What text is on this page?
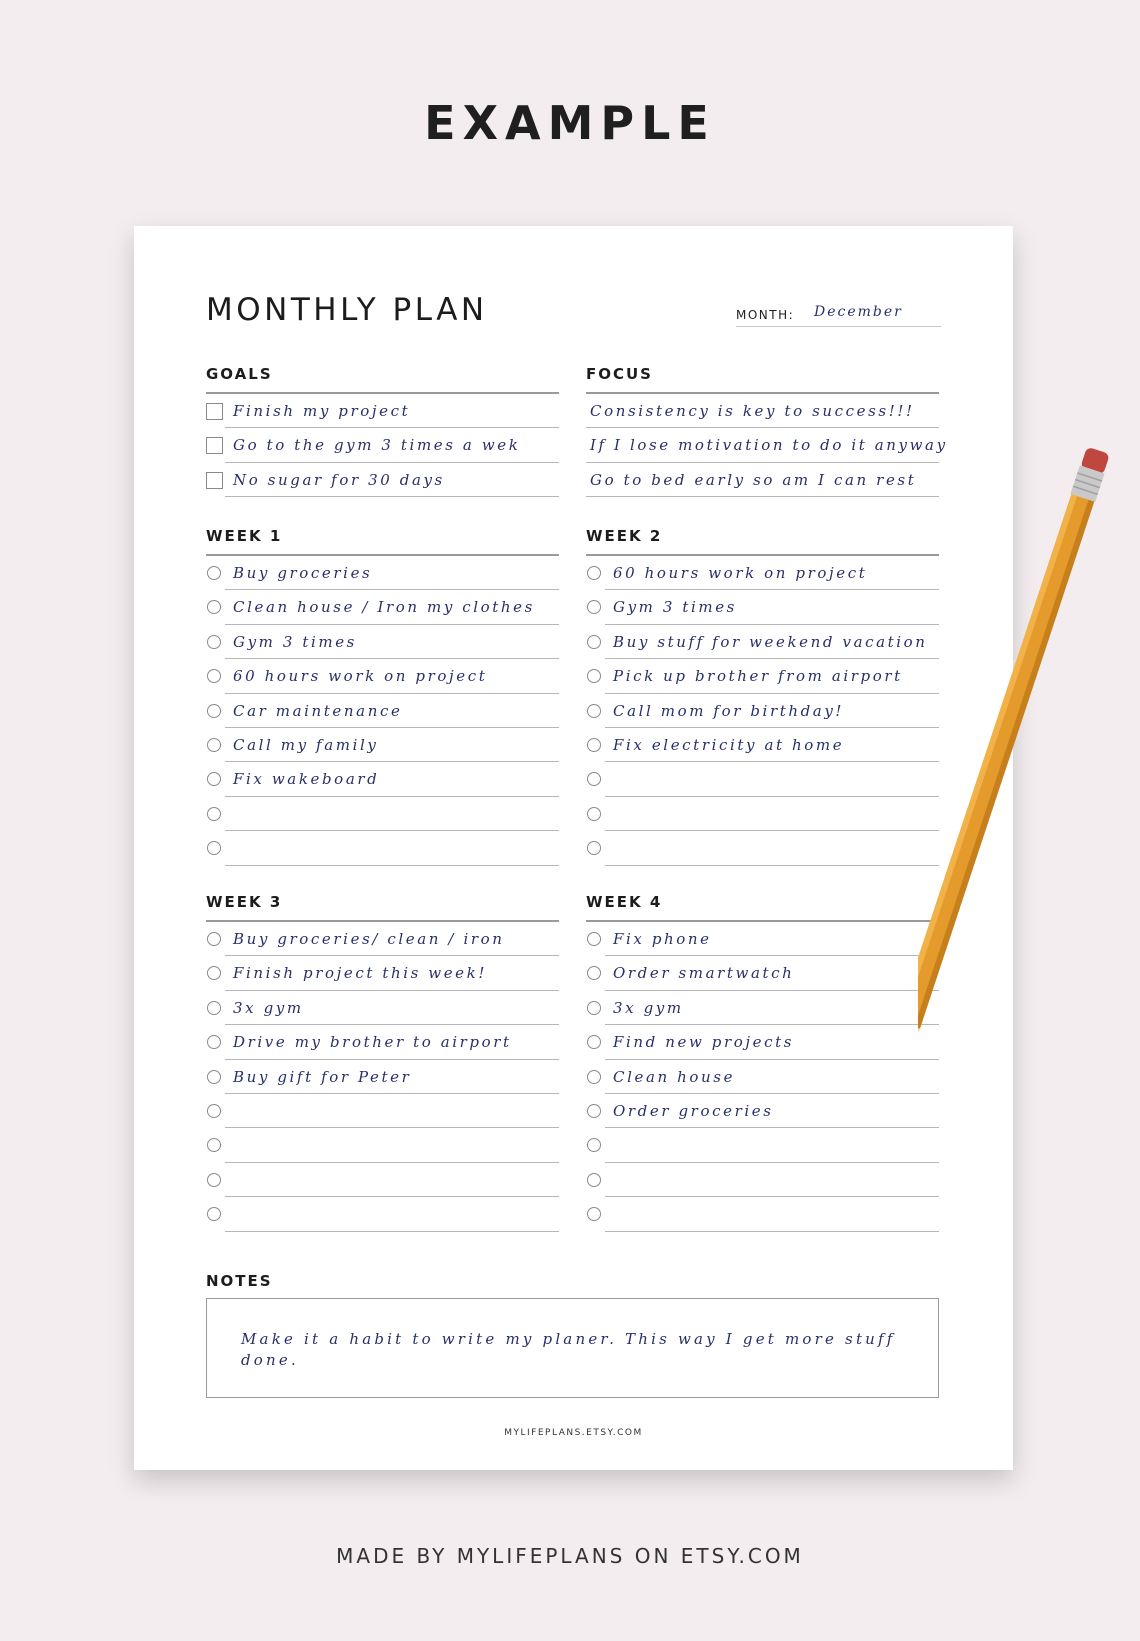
EXAMPLE
MONTHLY PLAN	MONTH: December
GOALS
Finish my project
Go to the gym 3 times a wek
No sugar for 30 days
FOCUS
Consistency is key to success!!!
If I lose motivation to do it anyway
Go to bed early so am I can rest
WEEK 1
Buy groceries
Clean house / Iron my clothes
Gym 3 times
60 hours work on project
Car maintenance
Call my family
Fix wakeboard
WEEK 2
60 hours work on project
Gym 3 times
Buy stuff for weekend vacation
Pick up brother from airport
Call mom for birthday!
Fix electricity at home
WEEK 3
Buy groceries/ clean / iron
Finish project this week!
3x gym
Drive my brother to airport
Buy gift for Peter
WEEK 4
Fix phone
Order smartwatch
3x gym
Find new projects
Clean house
Order groceries
NOTES
Make it a habit to write my planer. This way I get more stuff done.
MYLIFEPLANS.ETSY.COM
MADE BY MYLIFEPLANS ON ETSY.COM
